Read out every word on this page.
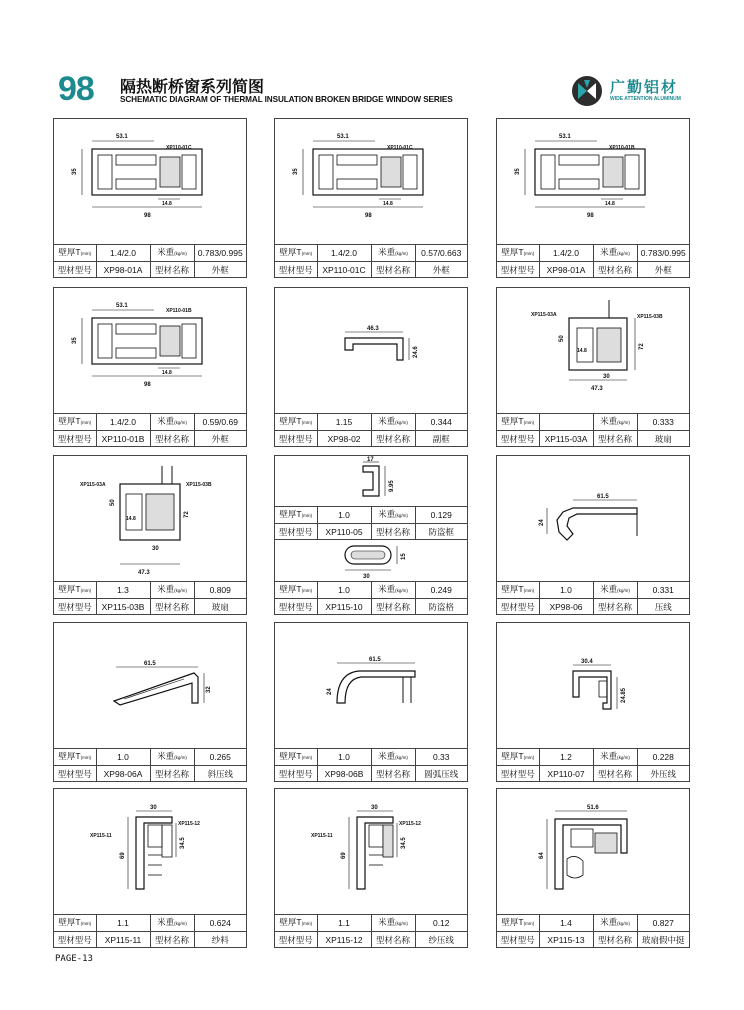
98 隔热断桥窗系列简图
SCHEMATIC DIAGRAM OF THERMAL INSULATION BROKEN BRIDGE WINDOW SERIES
广勤铝材
WIDE ATTENTION ALUMINUM
53.1
XP110-01C
35
14.8
98
壁厚T(mm)	1.4/2.0	米重(kg/m)	0.783/0.995
型材型号	XP98-01A	型材名称	外框
53.1
XP110-01C
35
14.8
98
壁厚T(mm)	1.4/2.0	米重(kg/m)	0.57/0.663
型材型号	XP110-01C	型材名称	外框
53.1
XP110-01B
35
14.8
98
壁厚T(mm)	1.4/2.0	米重(kg/m)	0.783/0.995
型材型号	XP98-01A	型材名称	外框
53.1
XP110-01B
35
14.8
98
壁厚T(mm)	1.4/2.0	米重(kg/m)	0.59/0.69
型材型号	XP110-01B	型材名称	外框
46.3
24.6
壁厚T(mm)	1.15	米重(kg/m)	0.344
型材型号	XP98-02	型材名称	副框
XP115-03A	XP115-03B
72
50
14.8
30
47.3
壁厚T(mm)		米重(kg/m)	0.333
型材型号	XP115-03A	型材名称	玻扇
XP115-03A	XP115-03B
72
50
14.8
30
47.3
壁厚T(mm)	1.3	米重(kg/m)	0.809
型材型号	XP115-03B	型材名称	玻扇
17
9.95
壁厚T(mm)	1.0	米重(kg/m)	0.129
型材型号	XP110-05	型材名称	防盗框
30
15
壁厚T(mm)	1.0	米重(kg/m)	0.249
型材型号	XP115-10	型材名称	防盗格
61.5
24
壁厚T(mm)	1.0	米重(kg/m)	0.331
型材型号	XP98-06	型材名称	压线
61.5
32
壁厚T(mm)	1.0	米重(kg/m)	0.265
型材型号	XP98-06A	型材名称	斜压线
61.5
24
壁厚T(mm)	1.0	米重(kg/m)	0.33
型材型号	XP98-06B	型材名称	圆弧压线
30.4
24.85
壁厚T(mm)	1.2	米重(kg/m)	0.228
型材型号	XP110-07	型材名称	外压线
30
XP115-11
XP115-12
34.5
69
壁厚T(mm)	1.1	米重(kg/m)	0.624
型材型号	XP115-11	型材名称	纱料
30
XP115-11
XP115-12
34.5
69
壁厚T(mm)	1.1	米重(kg/m)	0.12
型材型号	XP115-12	型材名称	纱压线
51.6
64
壁厚T(mm)	1.4	米重(kg/m)	0.827
型材型号	XP115-13	型材名称	玻扇假中挺
PAGE-13
